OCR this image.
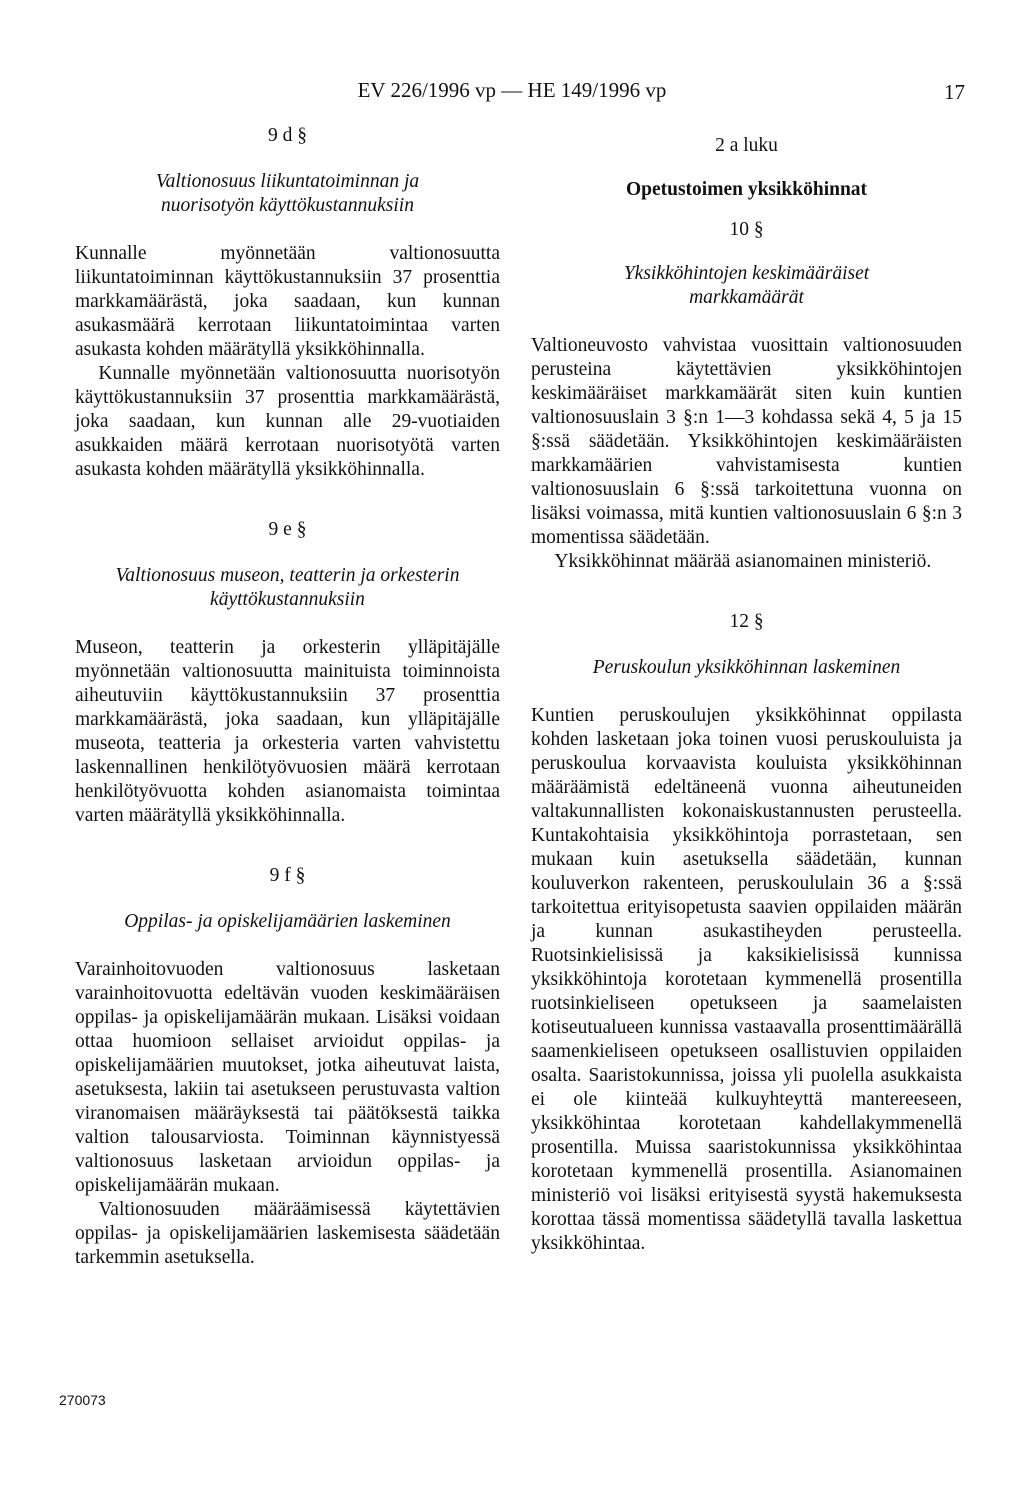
EV 226/1996 vp — HE 149/1996 vp	17

9 d §

Valtionosuus liikuntatoiminnan ja

nuorisotyön käyttökustannuksiin

Kunnalle myönnetään valtionosuutta liikuntatoiminnan käyttökustannuksiin 37 prosenttia markkamäärästä, joka saadaan, kun kunnan asukasmäärä kerrotaan liikuntatoimintaa varten asukasta kohden määrätyllä yksikköhinnalla.

Kunnalle myönnetään valtionosuutta nuorisotyön käyttökustannuksiin 37 prosenttia markkamäärästä, joka saadaan, kun kunnan alle 29-vuotiaiden asukkaiden määrä kerrotaan nuorisotyötä varten asukasta kohden määrätyllä yksikköhinnalla.

9 e §

Valtionosuus museon, teatterin ja orkesterin

käyttökustannuksiin

Museon, teatterin ja orkesterin ylläpitäjälle myönnetään valtionosuutta mainituista toiminnoista aiheutuviin käyttökustannuksiin 37 prosenttia markkamäärästä, joka saadaan, kun ylläpitäjälle museota, teatteria ja orkesteria varten vahvistettu laskennallinen henkilötyövuosien määrä kerrotaan henkilötyövuotta kohden asianomaista toimintaa varten määrätyllä yksikköhinnalla.

9 f §

Oppilas- ja opiskelijamäärien laskeminen

Varainhoitovuoden valtionosuus lasketaan varainhoitovuotta edeltävän vuoden keskimääräisen oppilas- ja opiskelijamäärän mukaan. Lisäksi voidaan ottaa huomioon sellaiset arvioidut oppilas- ja opiskelijamäärien muutokset, jotka aiheutuvat laista, asetuksesta, lakiin tai asetukseen perustuvasta valtion viranomaisen määräyksestä tai päätöksestä taikka valtion talousarviosta. Toiminnan käynnistyessä valtionosuus lasketaan arvioidun oppilas- ja opiskelijamäärän mukaan.

Valtionosuuden määräämisessä käytettävien oppilas- ja opiskelijamäärien laskemisesta säädetään tarkemmin asetuksella.

2 a luku

Opetustoimen yksikköhinnat

10 §

Yksikköhintojen keskimääräiset

markkamäärät

Valtioneuvosto vahvistaa vuosittain valtionosuuden perusteina käytettävien yksikköhintojen keskimääräiset markkamäärät siten kuin kuntien valtionosuuslain 3 §:n 1—3 kohdassa sekä 4, 5 ja 15 §:ssä säädetään. Yksikköhintojen keskimääräisten markkamäärien vahvistamisesta kuntien valtionosuuslain 6 §:ssä tarkoitettuna vuonna on lisäksi voimassa, mitä kuntien valtionosuuslain 6 §:n 3 momentissa säädetään.

Yksikköhinnat määrää asianomainen ministeriö.

12 §

Peruskoulun yksikköhinnan laskeminen

Kuntien peruskoulujen yksikköhinnat oppilasta kohden lasketaan joka toinen vuosi peruskouluista ja peruskoulua korvaavista kouluista yksikköhinnan määräämistä edeltäneenä vuonna aiheutuneiden valtakunnallisten kokonaiskustannusten perusteella. Kuntakohtaisia yksikköhintoja porrastetaan, sen mukaan kuin asetuksella säädetään, kunnan kouluverkon rakenteen, peruskoululain 36 a §:ssä tarkoitettua erityisopetusta saavien oppilaiden määrän ja kunnan asukastiheyden perusteella. Ruotsinkielisissä ja kaksikielisissä kunnissa yksikköhintoja korotetaan kymmenellä prosentilla ruotsinkieliseen opetukseen ja saamelaisten kotiseutualueen kunnissa vastaavalla prosenttimäärällä saamenkieliseen opetukseen osallistuvien oppilaiden osalta. Saaristokunnissa, joissa yli puolella asukkaista ei ole kiinteää kulkuyhteyttä mantereeseen, yksikköhintaa korotetaan kahdellakymmenellä prosentilla. Muissa saaristokunnissa yksikköhintaa korotetaan kymmenellä prosentilla. Asianomainen ministeriö voi lisäksi erityisestä syystä hakemuksesta korottaa tässä momentissa säädetyllä tavalla laskettua yksikköhintaa.

270073
